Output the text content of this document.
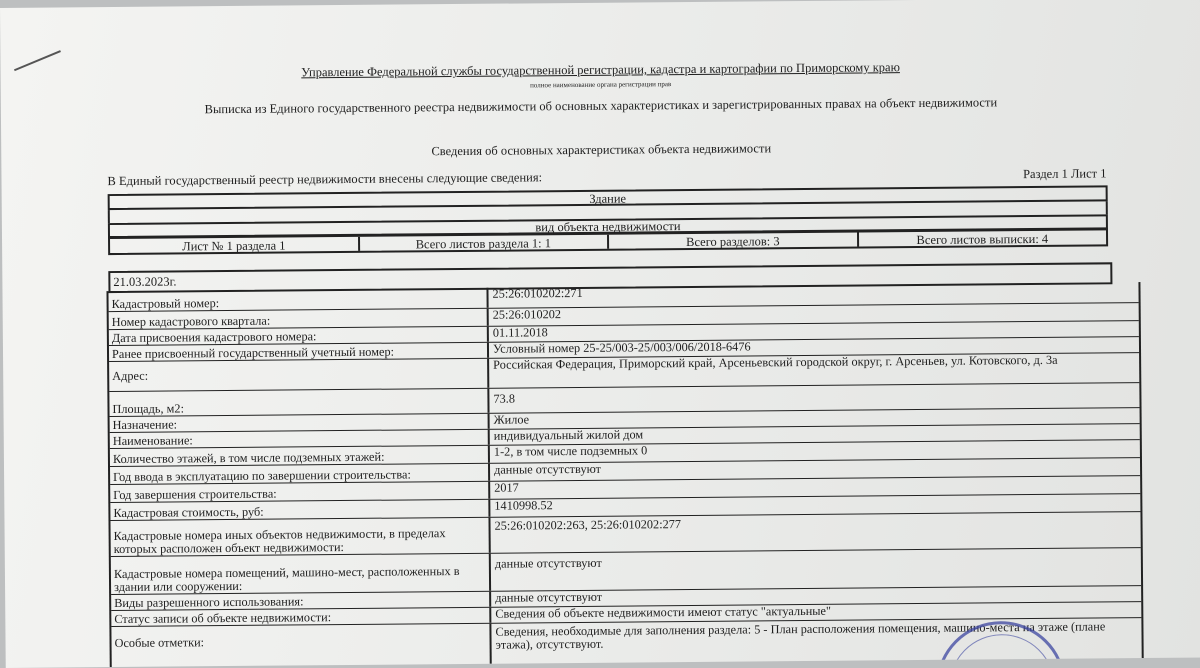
Управление Федеральной службы государственной регистрации, кадастра и картографии по Приморскому краю
полное наименование органа регистрации прав
Выписка из Единого государственного реестра недвижимости об основных характеристиках и зарегистрированных правах на объект недвижимости
Сведения об основных характеристиках объекта недвижимости
В Единый государственный реестр недвижимости внесены следующие сведения:	Раздел 1 Лист 1
Здание
вид объекта недвижимости
Лист № 1 раздела 1	Всего листов раздела 1: 1	Всего разделов: 3	Всего листов выписки: 4
21.03.2023г.
Кадастровый номер:
25:26:010202:271
Номер кадастрового квартала:	25:26:010202
Дата присвоения кадастрового номера:	01.11.2018
Ранее присвоенный государственный учетный номер:	Условный номер 25-25/003-25/003/006/2018-6476
Адрес:
Российская Федерация, Приморский край, Арсеньевский городской округ, г. Арсеньев, ул. Котовского, д. 3а
Площадь, м2:
73.8
Назначение:	Жилое
Наименование:	индивидуальный жилой дом
Количество этажей, в том числе подземных этажей:	1-2, в том числе подземных 0
Год ввода в эксплуатацию по завершении строительства:	данные отсутствуют
Год завершения строительства:	2017
Кадастровая стоимость, руб:	1410998.52
Кадастровые номера иных объектов недвижимости, в пределах которых расположен объект недвижимости:
25:26:010202:263, 25:26:010202:277
Кадастровые номера помещений, машино-мест, расположенных в здании или сооружении:
данные отсутствуют
Виды разрешенного использования:	данные отсутствуют
Статус записи об объекте недвижимости:	Сведения об объекте недвижимости имеют статус "актуальные"
Особые отметки:
Сведения, необходимые для заполнения раздела: 5 - План расположения помещения, машино-места на этаже (плане этажа), отсутствуют.
